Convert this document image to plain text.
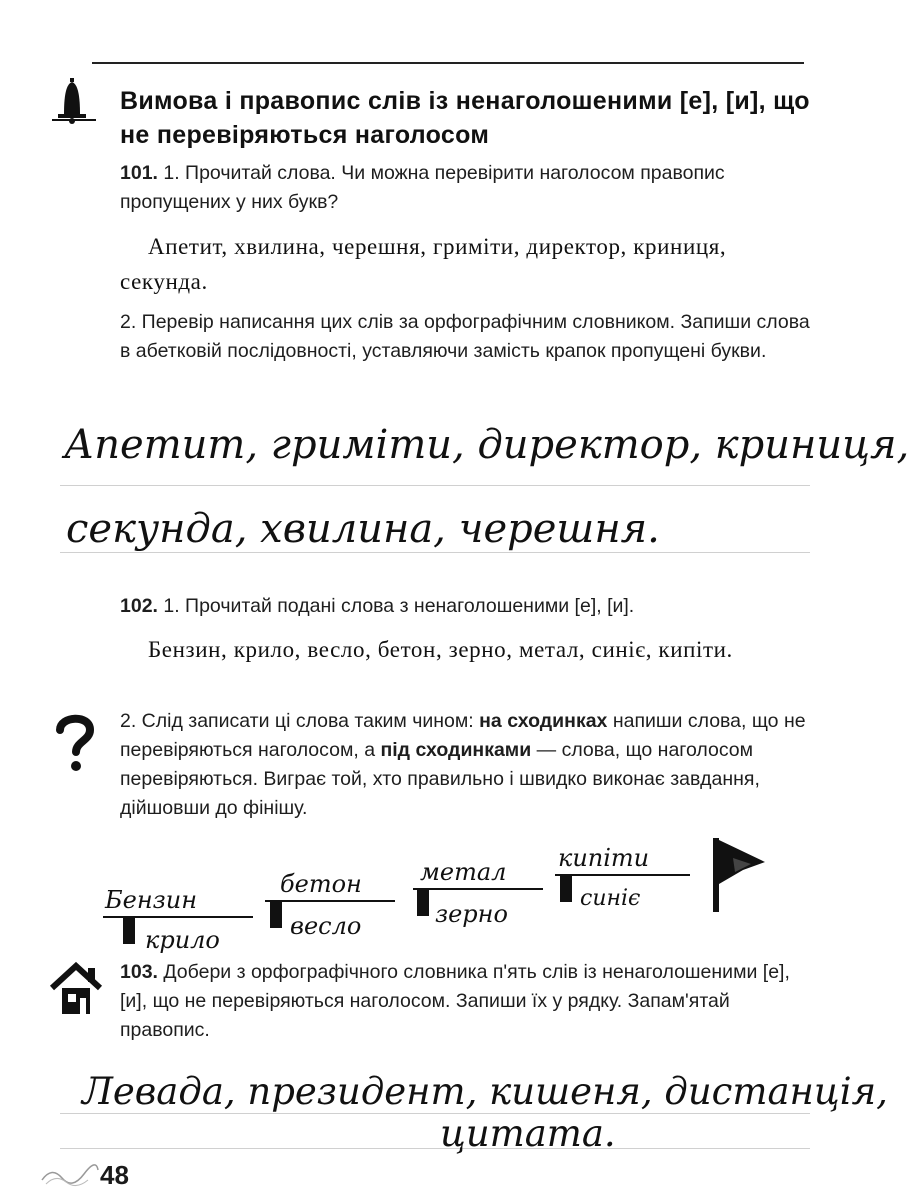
Вимова і правопис слів із ненаголошеними [е], [и], що не перевіряються наголосом
101. 1. Прочитай слова. Чи можна перевірити наголосом правопис пропущених у них букв?
Апетит, хвилина, черешня, гриміти, директор, криниця, секунда.
2. Перевір написання цих слів за орфографічним словником. Запиши слова в абетковій послідовності, уставляючи замість крапок пропущені букви.
Апетит, гриміти, директор, криниця,
секунда, хвилина, черешня.
102. 1. Прочитай подані слова з ненаголошеними [е], [и].
Бензин, крило, весло, бетон, зерно, метал, синіє, кипіти.
2. Слід записати ці слова таким чином: на сходинках напиши слова, що не перевіряються наголосом, а під сходинками — слова, що наголосом перевіряються. Виграє той, хто правильно і швидко виконає завдання, дійшовши до фінішу.
Бензин
крило
бетон
весло
метал
зерно
кипіти
синіє
103. Добери з орфографічного словника п'ять слів із ненаголошеними [е], [и], що не перевіряються наголосом. Запиши їх у рядку. Запам'ятай правопис.
Левада, президент, кишеня, дистанція,
цитата.
48
